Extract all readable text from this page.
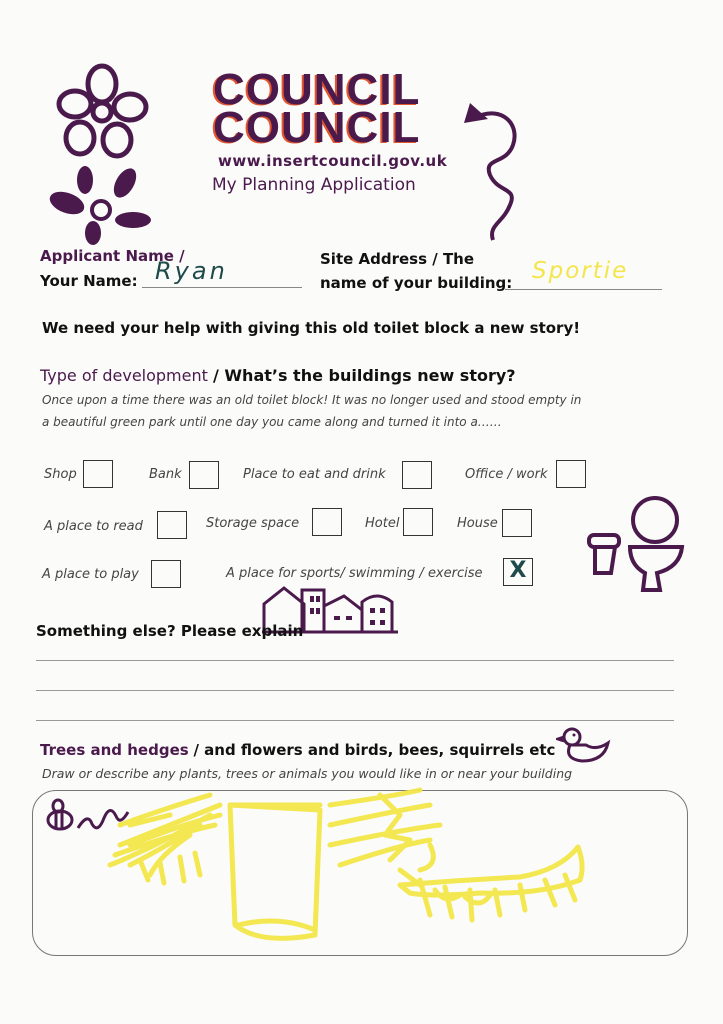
COUNCIL
COUNCIL
www.insertcouncil.gov.uk
My Planning Application
Applicant Name /
Your Name: Ryan	Site Address / The
name of your building: Sportie
We need your help with giving this old toilet block a new story!
Type of development / What’s the buildings new story?
Once upon a time there was an old toilet block! It was no longer used and stood empty in
a beautiful green park until one day you came along and turned it into a……
Shop	Bank	Place to eat and drink	Office / work
A place to read	Storage space	Hotel	House
A place to play	A place for sports/ swimming / exercise X
Something else? Please explain
Trees and hedges / and flowers and birds, bees, squirrels etc
Draw or describe any plants, trees or animals you would like in or near your building
